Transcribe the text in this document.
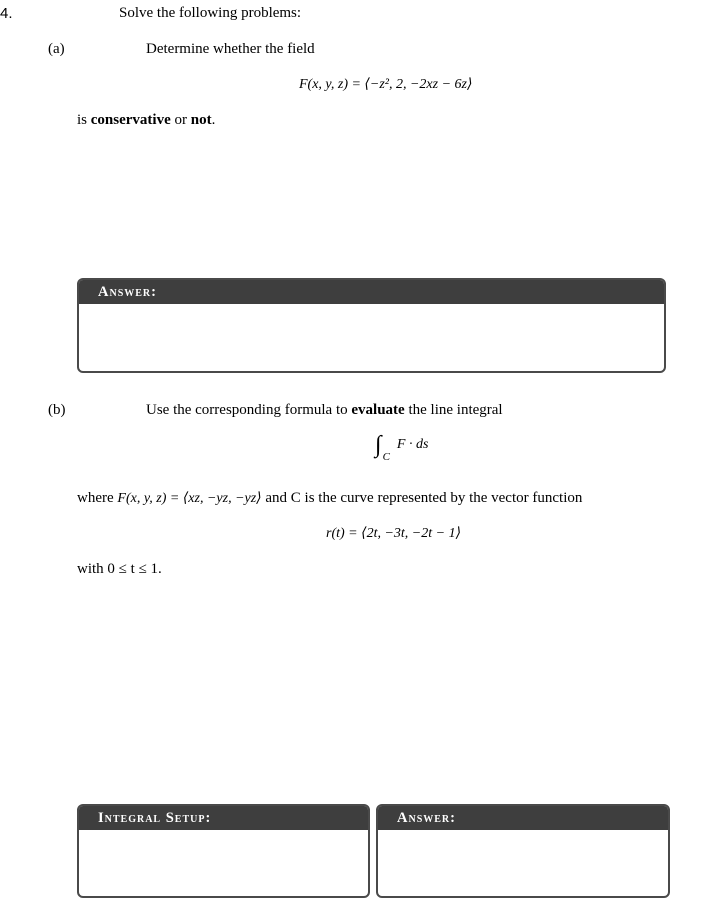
4.	Solve the following problems:
(a)	Determine whether the field
F(x, y, z) = ⟨−z², 2, −2xz − 6z⟩
is conservative or not.
Answer:
(b)	Use the corresponding formula to evaluate the line integral
∫ $_C$ F · ds
where F(x, y, z) = ⟨xz, −yz, −yz⟩ and C is the curve represented by the vector function
r(t) = ⟨2t, −3t, −2t − 1⟩
with 0 ≤ t ≤ 1.
Integral Setup:	Answer:
